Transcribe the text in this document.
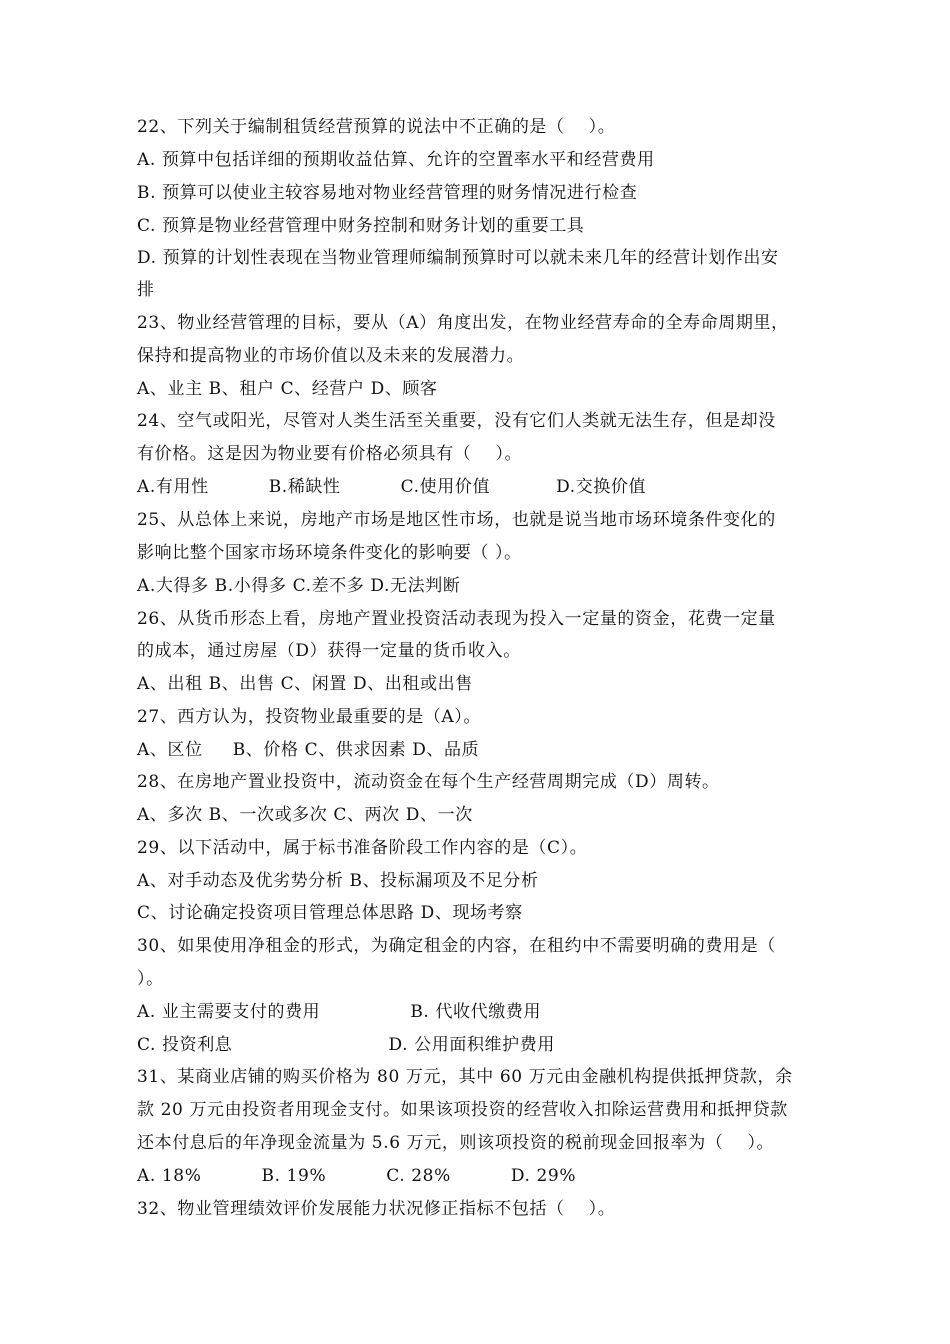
22、下列关于编制租赁经营预算的说法中不正确的是（    ）。
A. 预算中包括详细的预期收益估算、允许的空置率水平和经营费用
B. 预算可以使业主较容易地对物业经营管理的财务情况进行检查
C. 预算是物业经营管理中财务控制和财务计划的重要工具
D. 预算的计划性表现在当物业管理师编制预算时可以就未来几年的经营计划作出安
排
23、物业经营管理的目标，要从（A）角度出发，在物业经营寿命的全寿命周期里，
保持和提高物业的市场价值以及未来的发展潜力。
A、业主 B、租户 C、经营户 D、顾客
24、空气或阳光，尽管对人类生活至关重要，没有它们人类就无法生存，但是却没
有价格。这是因为物业要有价格必须具有（    ）。
A.有用性          B.稀缺性          C.使用价值           D.交换价值
25、从总体上来说，房地产市场是地区性市场，也就是说当地市场环境条件变化的
影响比整个国家市场环境条件变化的影响要（ ）。
A.大得多 B.小得多 C.差不多 D.无法判断
26、从货币形态上看，房地产置业投资活动表现为投入一定量的资金，花费一定量
的成本，通过房屋（D）获得一定量的货币收入。
A、出租 B、出售 C、闲置 D、出租或出售
27、西方认为，投资物业最重要的是（A）。
A、区位     B、价格 C、供求因素 D、品质
28、在房地产置业投资中，流动资金在每个生产经营周期完成（D）周转。
A、多次 B、一次或多次 C、两次 D、一次
29、以下活动中，属于标书准备阶段工作内容的是（C）。
A、对手动态及优劣势分析 B、投标漏项及不足分析
C、讨论确定投资项目管理总体思路 D、现场考察
30、如果使用净租金的形式，为确定租金的内容，在租约中不需要明确的费用是（
）。
A. 业主需要支付的费用               B. 代收代缴费用
C. 投资利息                          D. 公用面积维护费用
31、某商业店铺的购买价格为 80 万元，其中 60 万元由金融机构提供抵押贷款，余
款 20 万元由投资者用现金支付。如果该项投资的经营收入扣除运营费用和抵押贷款
还本付息后的年净现金流量为 5.6 万元，则该项投资的税前现金回报率为（    ）。
A. 18%          B. 19%          C. 28%          D. 29%
32、物业管理绩效评价发展能力状况修正指标不包括（    ）。
